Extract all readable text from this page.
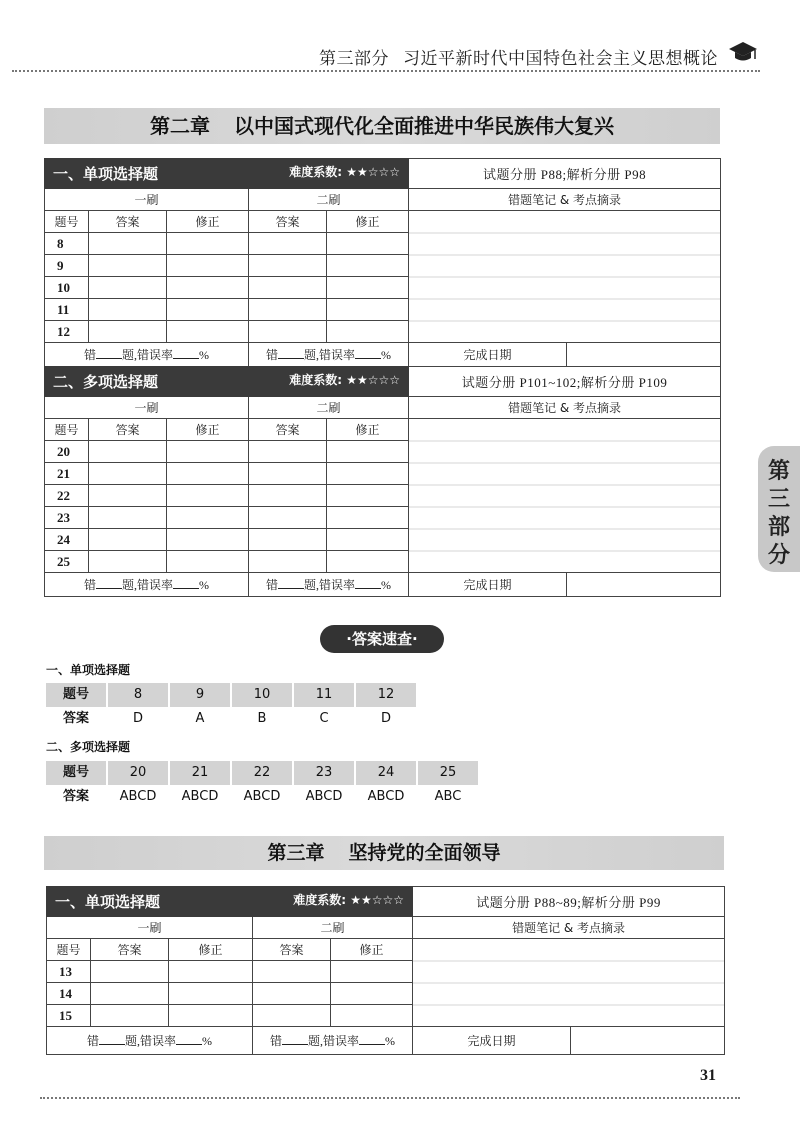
第三部分 习近平新时代中国特色社会主义思想概论
第
三
部
分
第二章 以中国式现代化全面推进中华民族伟大复兴
一、单项选择题 难度系数: ★★☆☆☆					试题分册 P88;解析分册 P98	
一刷			二刷		错题笔记 & 考点摘录	
题号	答案	修正	答案	修正		
8						
9						
10						
11						
12						
错 题,错误率 %			错 题,错误率 %		完成日期	
二、多项选择题 难度系数: ★★☆☆☆					试题分册 P101~102;解析分册 P109	
一刷			二刷		错题笔记 & 考点摘录	
题号	答案	修正	答案	修正		
20						
21						
22						
23						
24						
25						
错 题,错误率 %			错 题,错误率 %		完成日期	
·答案速查·
一、单项选择题
题号	8	9	10	11	12
答案	D	A	B	C	D
二、多项选择题
题号	20	21	22	23	24	25
答案	ABCD	ABCD	ABCD	ABCD	ABCD	ABC
第三章 坚持党的全面领导
一、单项选择题 难度系数: ★★☆☆☆					试题分册 P88~89;解析分册 P99	
一刷			二刷		错题笔记 & 考点摘录	
题号	答案	修正	答案	修正		
13						
14						
15						
错 题,错误率 %			错 题,错误率 %		完成日期	
31
